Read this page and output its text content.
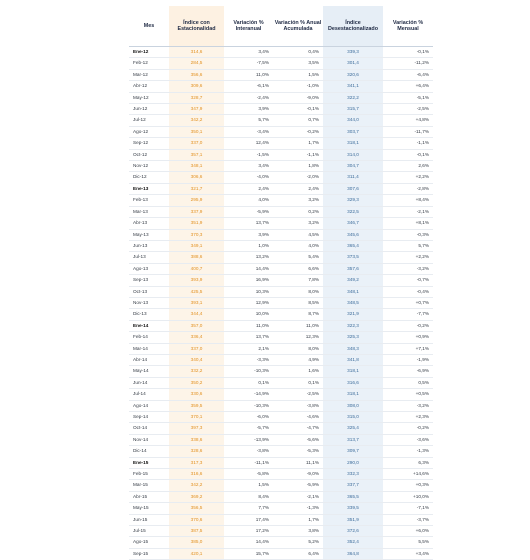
Mes	Índice con Estacionalidad	Variación % Interanual	Variación % Anual Acumulada	Índice Desestacionalizado	Variación % Mensual
Ene-12	314,6	3,4%	0,4%	339,3	-0,1%
Feb-12	284,5	-7,5%	3,5%	301,4	-11,2%
Mar-12	356,6	11,0%	1,5%	320,6	-6,4%
Abr-12	309,6	-6,1%	-1,0%	341,1	+6,4%
May-12	328,7	-2,4%	-9,0%	322,2	-5,1%
Jun-12	347,9	3,9%	-0,1%	315,7	-2,5%
Jul-12	342,2	5,7%	0,7%	344,0	+4,8%
Ago-12	350,1	-3,4%	-0,2%	303,7	-11,7%
Sep-12	337,0	12,4%	1,7%	318,1	-1,1%
Oct-12	357,1	-1,5%	-1,1%	314,0	-0,1%
Nov-12	348,1	3,4%	1,8%	304,7	2,6%
Dic-12	306,6	-4,0%	-2,0%	311,4	+2,2%
Ene-13	321,7	2,4%	2,4%	307,6	-2,8%
Feb-13	295,9	4,0%	3,2%	329,3	+8,4%
Mar-13	337,9	-5,9%	0,2%	322,5	-2,1%
Abr-13	351,9	13,7%	3,2%	346,7	+8,1%
May-13	370,3	3,9%	4,5%	345,6	-0,3%
Jun-13	349,1	1,0%	4,0%	365,4	5,7%
Jul-13	388,6	13,2%	5,4%	373,5	+2,2%
Ago-13	400,7	14,4%	6,6%	357,6	-3,2%
Sep-13	393,9	16,9%	7,8%	349,2	-0,7%
Oct-13	425,5	10,3%	8,0%	348,1	-0,4%
Nov-13	393,1	12,9%	8,5%	348,5	+0,7%
Dic-13	344,4	10,0%	8,7%	321,9	-7,7%
Ene-14	357,0	11,0%	11,0%	322,3	-0,2%
Feb-14	336,4	13,7%	12,3%	325,3	+0,9%
Mar-14	337,0	2,1%	8,0%	348,3	+7,1%
Abr-14	340,4	-3,3%	4,9%	341,8	-1,9%
May-14	332,2	-10,3%	1,6%	318,1	-6,9%
Jun-14	350,2	0,1%	0,1%	316,6	0,5%
Jul-14	330,6	-14,9%	-2,5%	318,1	+0,5%
Ago-14	359,5	-10,3%	-3,8%	308,0	-3,2%
Sep-14	370,1	-6,0%	-4,6%	315,0	+2,3%
Oct-14	397,3	-5,7%	-4,7%	325,4	-0,2%
Nov-14	338,6	-13,9%	-5,6%	313,7	-3,6%
Dic-14	328,6	-3,8%	-5,3%	309,7	-1,3%
Ene-15	317,3	-11,1%	11,1%	290,0	6,3%
Feb-15	316,6	-5,8%	-9,0%	332,3	+14,6%
Mar-15	342,2	1,5%	-5,9%	337,7	+0,3%
Abr-15	369,2	8,4%	-2,1%	365,5	+10,0%
May-15	356,5	7,7%	-1,3%	339,5	-7,1%
Jun-15	370,6	17,4%	1,7%	351,9	-3,7%
Jul-15	387,5	17,2%	3,8%	372,6	+6,0%
Ago-15	385,0	14,4%	5,2%	352,4	5,5%
Sep-15	420,1	15,7%	6,4%	364,8	+3,4%
